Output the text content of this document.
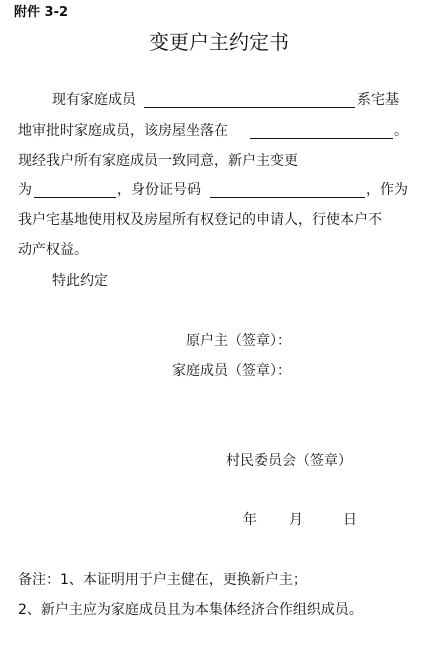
附件 3-2
变更户主约定书
现有家庭成员	系宅基
地审批时家庭成员，该房屋坐落在	。
现经我户所有家庭成员一致同意，新户主变更
为	，身份证号码	，作为
我户宅基地使用权及房屋所有权登记的申请人，行使本户不
动产权益。
特此约定
原户主（签章）：
家庭成员（签章）：
村民委员会（签章）
年 月	日
备注：1、本证明用于户主健在，更换新户主；
2、新户主应为家庭成员且为本集体经济合作组织成员。
